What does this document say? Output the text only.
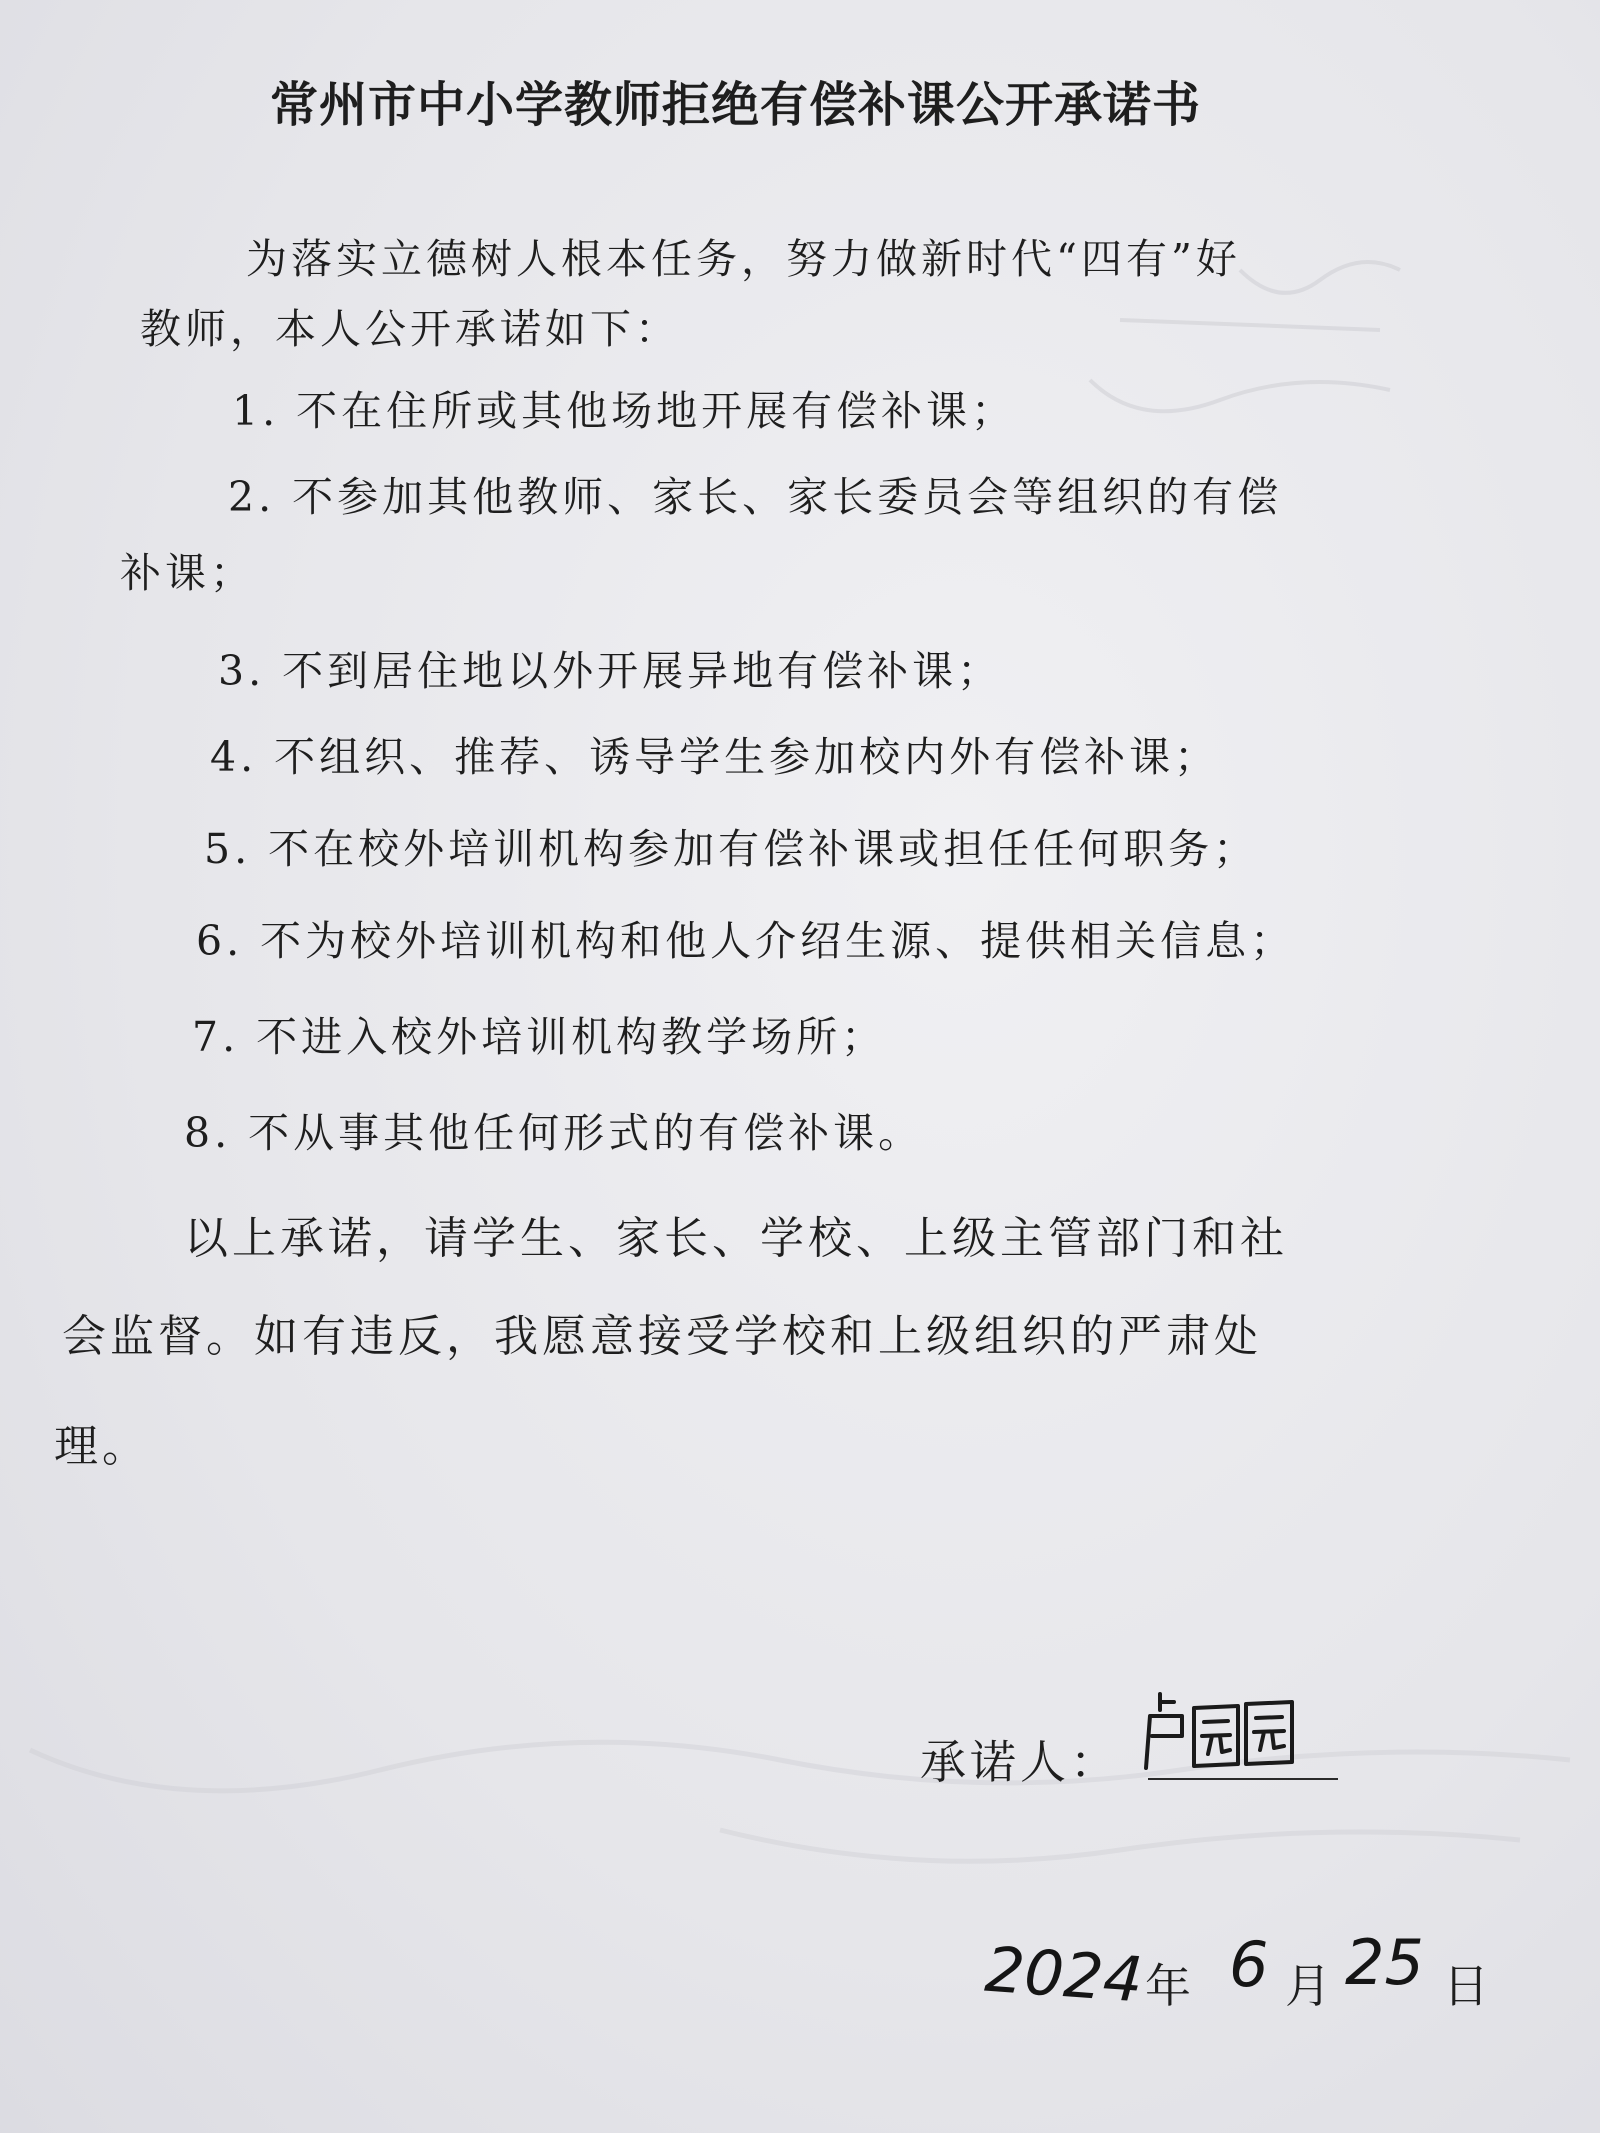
常州市中小学教师拒绝有偿补课公开承诺书
为落实立德树人根本任务，努力做新时代“四有”好
教师，本人公开承诺如下：
1. 不在住所或其他场地开展有偿补课；
2. 不参加其他教师、家长、家长委员会等组织的有偿
补课；
3. 不到居住地以外开展异地有偿补课；
4. 不组织、推荐、诱导学生参加校内外有偿补课；
5. 不在校外培训机构参加有偿补课或担任任何职务；
6. 不为校外培训机构和他人介绍生源、提供相关信息；
7. 不进入校外培训机构教学场所；
8. 不从事其他任何形式的有偿补课。
以上承诺，请学生、家长、学校、上级主管部门和社
会监督。如有违反，我愿意接受学校和上级组织的严肃处
理。
承诺人：
2024 年 6 月 25 日
